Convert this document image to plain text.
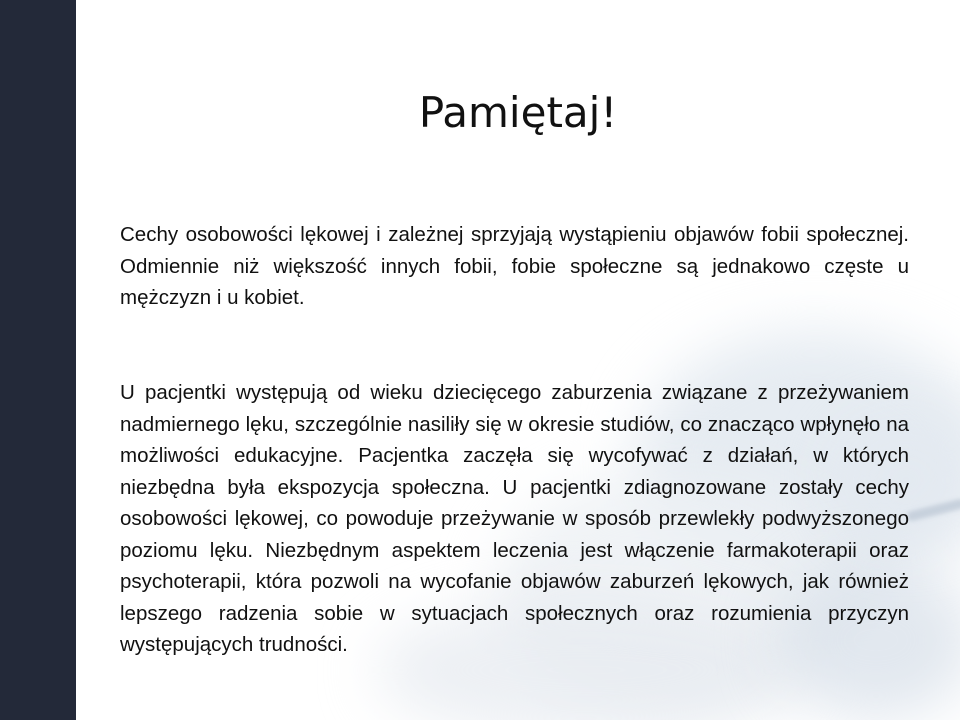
Pamiętaj!

Cechy osobowości lękowej i zależnej sprzyjają wystąpieniu objawów fobii społecznej. Odmiennie niż większość innych fobii, fobie społeczne są jednakowo częste u mężczyzn i u kobiet.

U pacjentki występują od wieku dziecięcego zaburzenia związane z przeżywaniem nadmiernego lęku, szczególnie nasiliły się w okresie studiów, co znacząco wpłynęło na możliwości edukacyjne. Pacjentka zaczęła się wycofywać z działań, w których niezbędna była ekspozycja społeczna. U pacjentki zdiagnozowane zostały cechy osobowości lękowej, co powoduje przeżywanie w sposób przewlekły podwyższonego poziomu lęku. Niezbędnym aspektem leczenia jest włączenie farmakoterapii oraz psychoterapii, która pozwoli na wycofanie objawów zaburzeń lękowych, jak również lepszego radzenia sobie w sytuacjach społecznych oraz rozumienia przyczyn występujących trudności.
